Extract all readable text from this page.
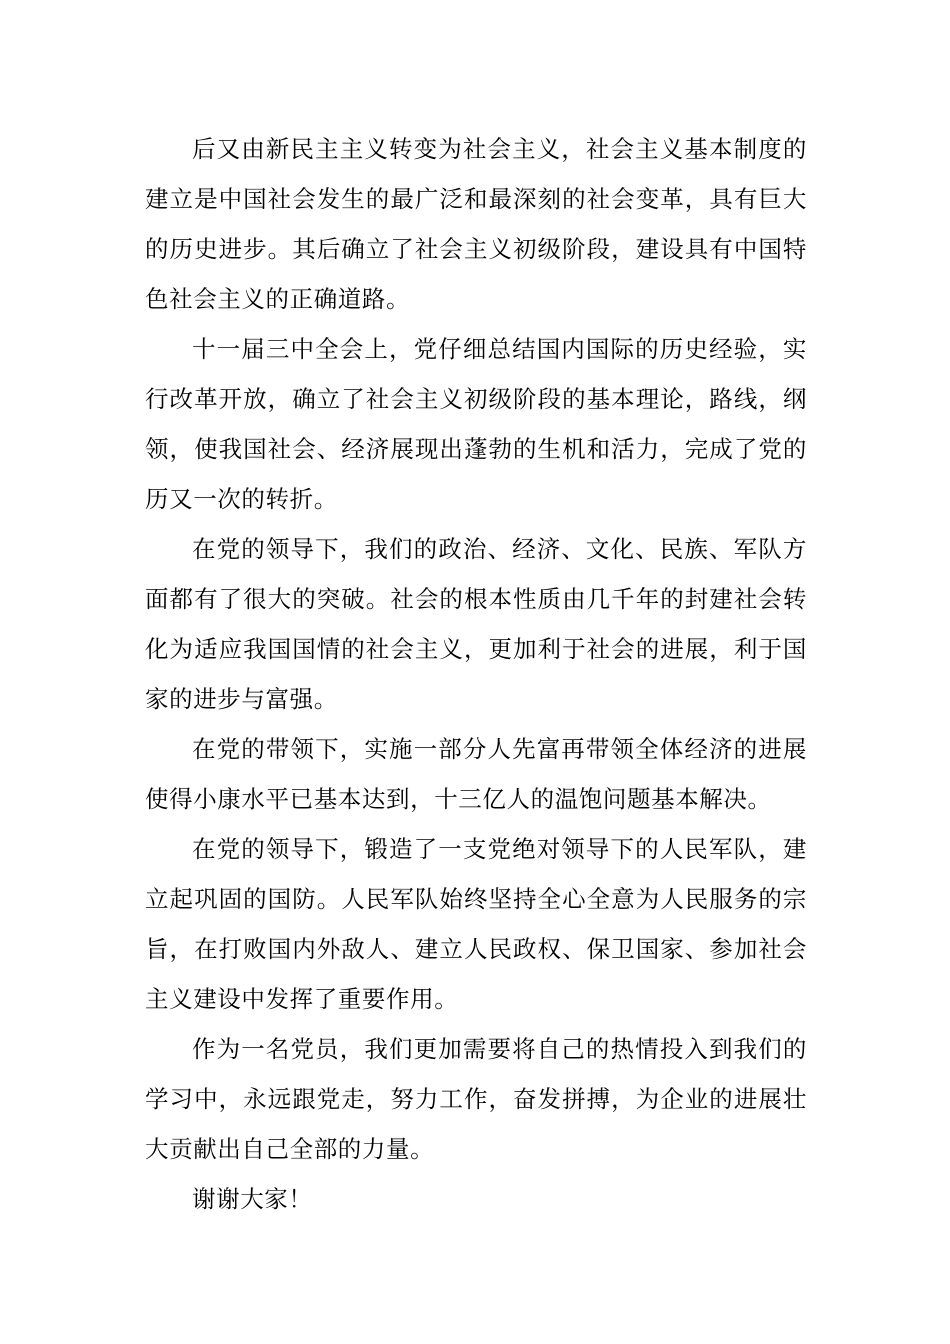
后又由新民主主义转变为社会主义，社会主义基本制度的建立是中国社会发生的最广泛和最深刻的社会变革，具有巨大的历史进步。其后确立了社会主义初级阶段，建设具有中国特色社会主义的正确道路。

十一届三中全会上，党仔细总结国内国际的历史经验，实行改革开放，确立了社会主义初级阶段的基本理论，路线，纲领，使我国社会、经济展现出蓬勃的生机和活力，完成了党的历又一次的转折。

在党的领导下，我们的政治、经济、文化、民族、军队方面都有了很大的突破。社会的根本性质由几千年的封建社会转化为适应我国国情的社会主义，更加利于社会的进展，利于国家的进步与富强。

在党的带领下，实施一部分人先富再带领全体经济的进展使得小康水平已基本达到，十三亿人的温饱问题基本解决。

在党的领导下，锻造了一支党绝对领导下的人民军队，建立起巩固的国防。人民军队始终坚持全心全意为人民服务的宗旨，在打败国内外敌人、建立人民政权、保卫国家、参加社会主义建设中发挥了重要作用。

作为一名党员，我们更加需要将自己的热情投入到我们的学习中，永远跟党走，努力工作，奋发拼搏，为企业的进展壮大贡献出自己全部的力量。

谢谢大家！
